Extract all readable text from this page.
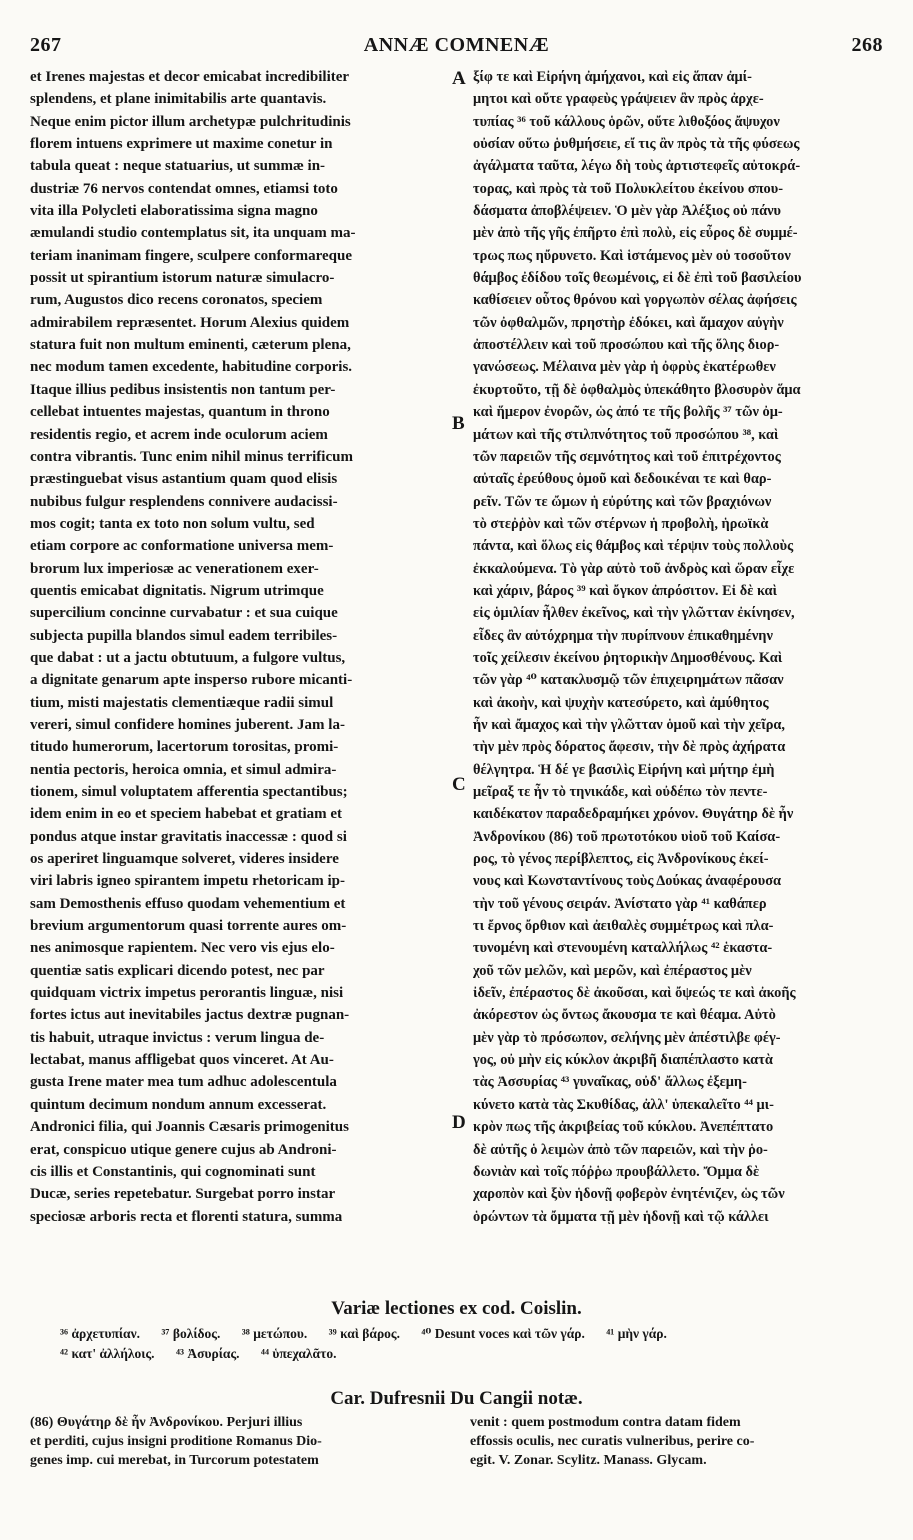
267	ANNÆ COMNENÆ	268
et Irenes majestas et decor emicabat incredibiliter
splendens, et plane inimitabilis arte quantavis.
Neque enim pictor illum archetypæ pulchritudinis
florem intuens exprimere ut maxime conetur in
tabula queat : neque statuarius, ut summæ in-
dustriæ 76 nervos contendat omnes, etiamsi toto
vita illa Polycleti elaboratissima signa magno
æmulandi studio contemplatus sit, ita unquam ma-
teriam inanimam fingere, sculpere conformareque
possit ut spirantium istorum naturæ simulacro-
rum, Augustos dico recens coronatos, speciem
admirabilem repræsentet. Horum Alexius quidem
statura fuit non multum eminenti, cæterum plena,
nec modum tamen excedente, habitudine corporis.
Itaque illius pedibus insistentis non tantum per-
cellebat intuentes majestas, quantum in throno
residentis regio, et acrem inde oculorum aciem
contra vibrantis. Tunc enim nihil minus terrificum
præstinguebat visus astantium quam quod elisis
nubibus fulgur resplendens connivere audacissi-
mos cogit; tanta ex toto non solum vultu, sed
etiam corpore ac conformatione universa mem-
brorum lux imperiosæ ac venerationem exer-
quentis emicabat dignitatis. Nigrum utrimque
supercilium concinne curvabatur : et sua cuique
subjecta pupilla blandos simul eadem terribiles-
que dabat : ut a jactu obtutuum, a fulgore vultus,
a dignitate genarum apte insperso rubore micanti-
tium, misti majestatis clementiæque radii simul
vereri, simul confidere homines juberent. Jam la-
titudo humerorum, lacertorum torositas, promi-
nentia pectoris, heroica omnia, et simul admira-
tionem, simul voluptatem afferentia spectantibus;
idem enim in eo et speciem habebat et gratiam et
pondus atque instar gravitatis inaccessæ : quod si
os aperiret linguamque solveret, videres insidere
viri labris igneo spirantem impetu rhetoricam ip-
sam Demosthenis effuso quodam vehementium et
brevium argumentorum quasi torrente aures om-
nes animosque rapientem. Nec vero vis ejus elo-
quentiæ satis explicari dicendo potest, nec par
quidquam victrix impetus perorantis linguæ, nisi
fortes ictus aut inevitabiles jactus dextræ pugnan-
tis habuit, utraque invictus : verum lingua de-
lectabat, manus affligebat quos vinceret. At Au-
gusta Irene mater mea tum adhuc adolescentula
quintum decimum nondum annum excesserat.
Andronici filia, qui Joannis Cæsaris primogenitus
erat, conspicuo utique genere cujus ab Androni-
cis illis et Constantinis, qui cognominati sunt
Ducæ, series repetebatur. Surgebat porro instar
speciosæ arboris recta et florenti statura, summa
ξίφ τε καὶ Εἰρήνη ἀμήχανοι, καὶ εἰς ἅπαν ἀμί-
μητοι καὶ οὔτε γραφεὺς γράψειεν ἂν πρὸς ἀρχε-
τυπίας ³⁶ τοῦ κάλλους ὁρῶν, οὔτε λιθοξόος ἄψυχον
οὐσίαν οὕτω ῥυθμήσειε, εἴ τις ἂν πρὸς τὰ τῆς φύσεως
ἀγάλματα ταῦτα, λέγω δὴ τοὺς ἀρτιστεφεῖς αὐτοκρά-
τορας, καὶ πρὸς τὰ τοῦ Πολυκλείτου ἐκείνου σπου-
δάσματα ἀποβλέψειεν. Ὁ μὲν γὰρ Ἀλέξιος οὐ πάνυ
μὲν ἀπὸ τῆς γῆς ἐπῆρτο ἐπὶ πολὺ, εἰς εὖρος δὲ συμμέ-
τρως πως ηὔρυνετο. Καὶ ἱστάμενος μὲν οὐ τοσοῦτον
θάμβος ἐδίδου τοῖς θεωμένοις, εἰ δὲ ἐπὶ τοῦ βασιλείου
καθίσειεν οὗτος θρόνου καὶ γοργωπὸν σέλας ἀφήσεις
τῶν ὀφθαλμῶν, πρηστὴρ ἐδόκει, καὶ ἄμαχον αὐγὴν
ἀποστέλλειν καὶ τοῦ προσώπου καὶ τῆς ὅλης διορ-
γανώσεως. Μέλαινα μὲν γὰρ ἡ ὀφρὺς ἑκατέρωθεν
ἐκυρτοῦτο, τῇ δὲ ὀφθαλμὸς ὑπεκάθητο βλοσυρὸν ἅμα
καὶ ἥμερον ἐνορῶν, ὡς ἀπό τε τῆς βολῆς ³⁷ τῶν ὀμ-
μάτων καὶ τῆς στιλπνότητος τοῦ προσώπου ³⁸, καὶ
τῶν παρειῶν τῆς σεμνότητος καὶ τοῦ ἐπιτρέχοντος
αὐταῖς ἐρεύθους ὁμοῦ καὶ δεδοικέναι τε καὶ θαρ-
ρεῖν. Τῶν τε ὤμων ἡ εὐρύτης καὶ τῶν βραχιόνων
τὸ στεῤῥὸν καὶ τῶν στέρνων ἡ προβολὴ, ἡρωϊκὰ
πάντα, καὶ ὅλως εἰς θάμβος καὶ τέρψιν τοὺς πολλοὺς
ἐκκαλούμενα. Τὸ γὰρ αὐτὸ τοῦ ἀνδρὸς καὶ ὥραν εἶχε
καὶ χάριν, βάρος ³⁹ καὶ ὄγκον ἀπρόσιτον. Εἰ δὲ καὶ
εἰς ὁμιλίαν ἦλθεν ἐκεῖνος, καὶ τὴν γλῶτταν ἐκίνησεν,
εἶδες ἂν αὐτόχρημα τὴν πυρίπνουν ἐπικαθημένην
τοῖς χείλεσιν ἐκείνου ῥητορικὴν Δημοσθένους. Καὶ
τῶν γὰρ ⁴⁰ κατακλυσμῷ τῶν ἐπιχειρημάτων πᾶσαν
καὶ ἀκοὴν, καὶ ψυχὴν κατεσύρετο, καὶ ἀμύθητος
ἦν καὶ ἄμαχος καὶ τὴν γλῶτταν ὁμοῦ καὶ τὴν χεῖρα,
τὴν μὲν πρὸς δόρατος ἄφεσιν, τὴν δὲ πρὸς ἀχήρατα
θέλγητρα. Ἡ δέ γε βασιλὶς Εἰρήνη καὶ μήτηρ ἐμὴ
μεῖραξ τε ἦν τὸ τηνικάδε, καὶ οὐδέπω τὸν πεντε-
καιδέκατον παραδεδραμήκει χρόνον. Θυγάτηρ δὲ ἦν
Ἀνδρονίκου (86) τοῦ πρωτοτόκου υἱοῦ τοῦ Καίσα-
ρος, τὸ γένος περίβλεπτος, εἰς Ἀνδρονίκους ἐκεί-
νους καὶ Κωνσταντίνους τοὺς Δούκας ἀναφέρουσα
τὴν τοῦ γένους σειράν. Ἀνίστατο γὰρ ⁴¹ καθάπερ
τι ἔρνος ὄρθιον καὶ ἀειθαλὲς συμμέτρως καὶ πλα-
τυνομένη καὶ στενουμένη καταλλήλως ⁴² ἑκαστα-
χοῦ τῶν μελῶν, καὶ μερῶν, καὶ ἐπέραστος μὲν
ἰδεῖν, ἐπέραστος δὲ ἀκοῦσαι, καὶ ὄψεώς τε καὶ ἀκοῆς
ἀκόρεστον ὡς ὄντως ἄκουσμα τε καὶ θέαμα. Αὐτὸ
μὲν γὰρ τὸ πρόσωπον, σελήνης μὲν ἀπέστιλβε φέγ-
γος, οὐ μὴν εἰς κύκλον ἀκριβῆ διαπέπλαστο κατὰ
τὰς Ἀσσυρίας ⁴³ γυναῖκας, οὐδ' ἄλλως ἐξεμη-
κύνετο κατὰ τὰς Σκυθίδας, ἀλλ' ὑπεκαλεῖτο ⁴⁴ μι-
κρὸν πως τῆς ἀκριβείας τοῦ κύκλου. Ἀνεπέπτατο
δὲ αὐτῆς ὁ λειμὼν ἀπὸ τῶν παρειῶν, καὶ τὴν ῥο-
δωνιὰν καὶ τοῖς πόῤῥω προυβάλλετο. Ὄμμα δὲ
χαροπὸν καὶ ξὺν ἡδονῇ φοβερὸν ἐνητένιζεν, ὡς τῶν
ὁρώντων τὰ ὄμματα τῇ μὲν ἡδονῇ καὶ τῷ κάλλει
A
B
C
D
Variæ lectiones ex cod. Coislin.
³⁶ ἀρχετυπίαν. ³⁷ βολίδος. ³⁸ μετώπου. ³⁹ καὶ βάρος. ⁴⁰ Desunt voces καὶ τῶν γάρ. ⁴¹ μὴν γάρ.
⁴² κατ' ἀλλήλοις. ⁴³ Ἀσυρίας. ⁴⁴ ὑπεχαλᾶτο.
Car. Dufresnii Du Cangii notæ.
(86) Θυγάτηρ δὲ ἦν Ἀνδρονίκου. Perjuri illius
et perditi, cujus insigni proditione Romanus Dio-
genes imp. cui merebat, in Turcorum potestatem
venit : quem postmodum contra datam fidem
effossis oculis, nec curatis vulneribus, perire co-
egit. V. Zonar. Scylitz. Manass. Glycam.
